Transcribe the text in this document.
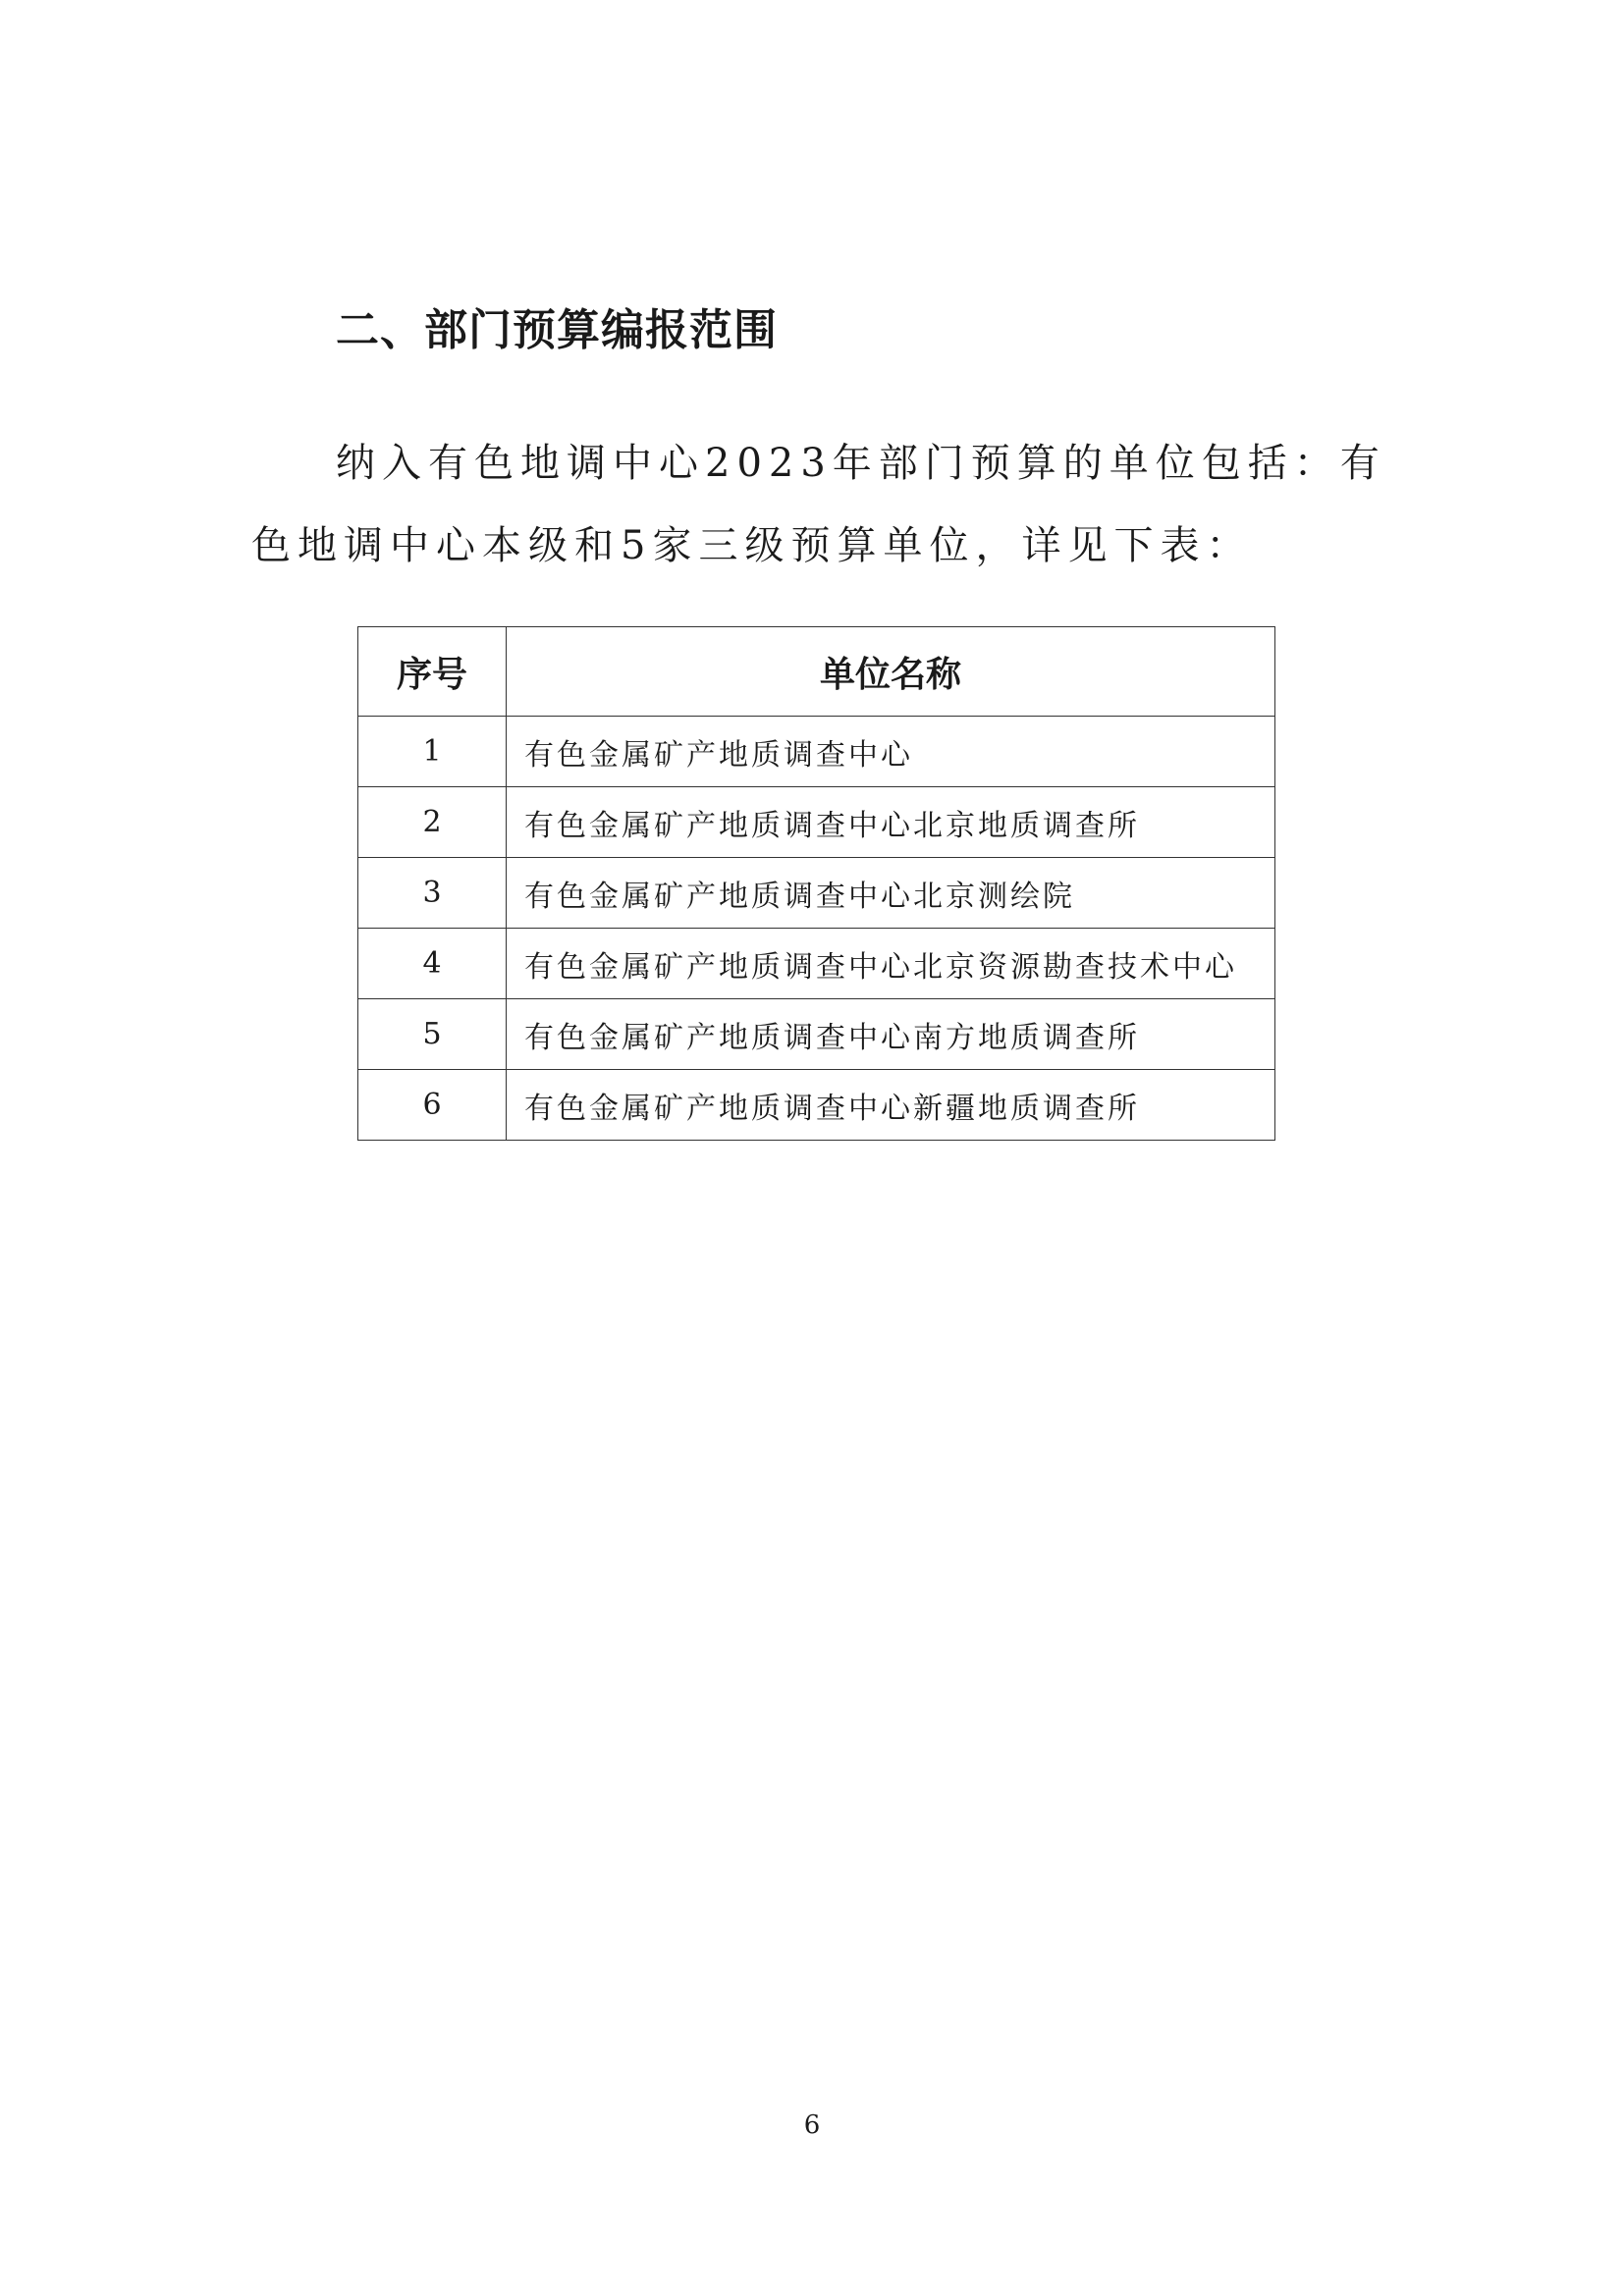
二、部门预算编报范围

纳入有色地调中心2023年部门预算的单位包括：有色地调中心本级和5家三级预算单位，详见下表：

序号	单位名称
1	有色金属矿产地质调查中心
2	有色金属矿产地质调查中心北京地质调查所
3	有色金属矿产地质调查中心北京测绘院
4	有色金属矿产地质调查中心北京资源勘查技术中心
5	有色金属矿产地质调查中心南方地质调查所
6	有色金属矿产地质调查中心新疆地质调查所
6
